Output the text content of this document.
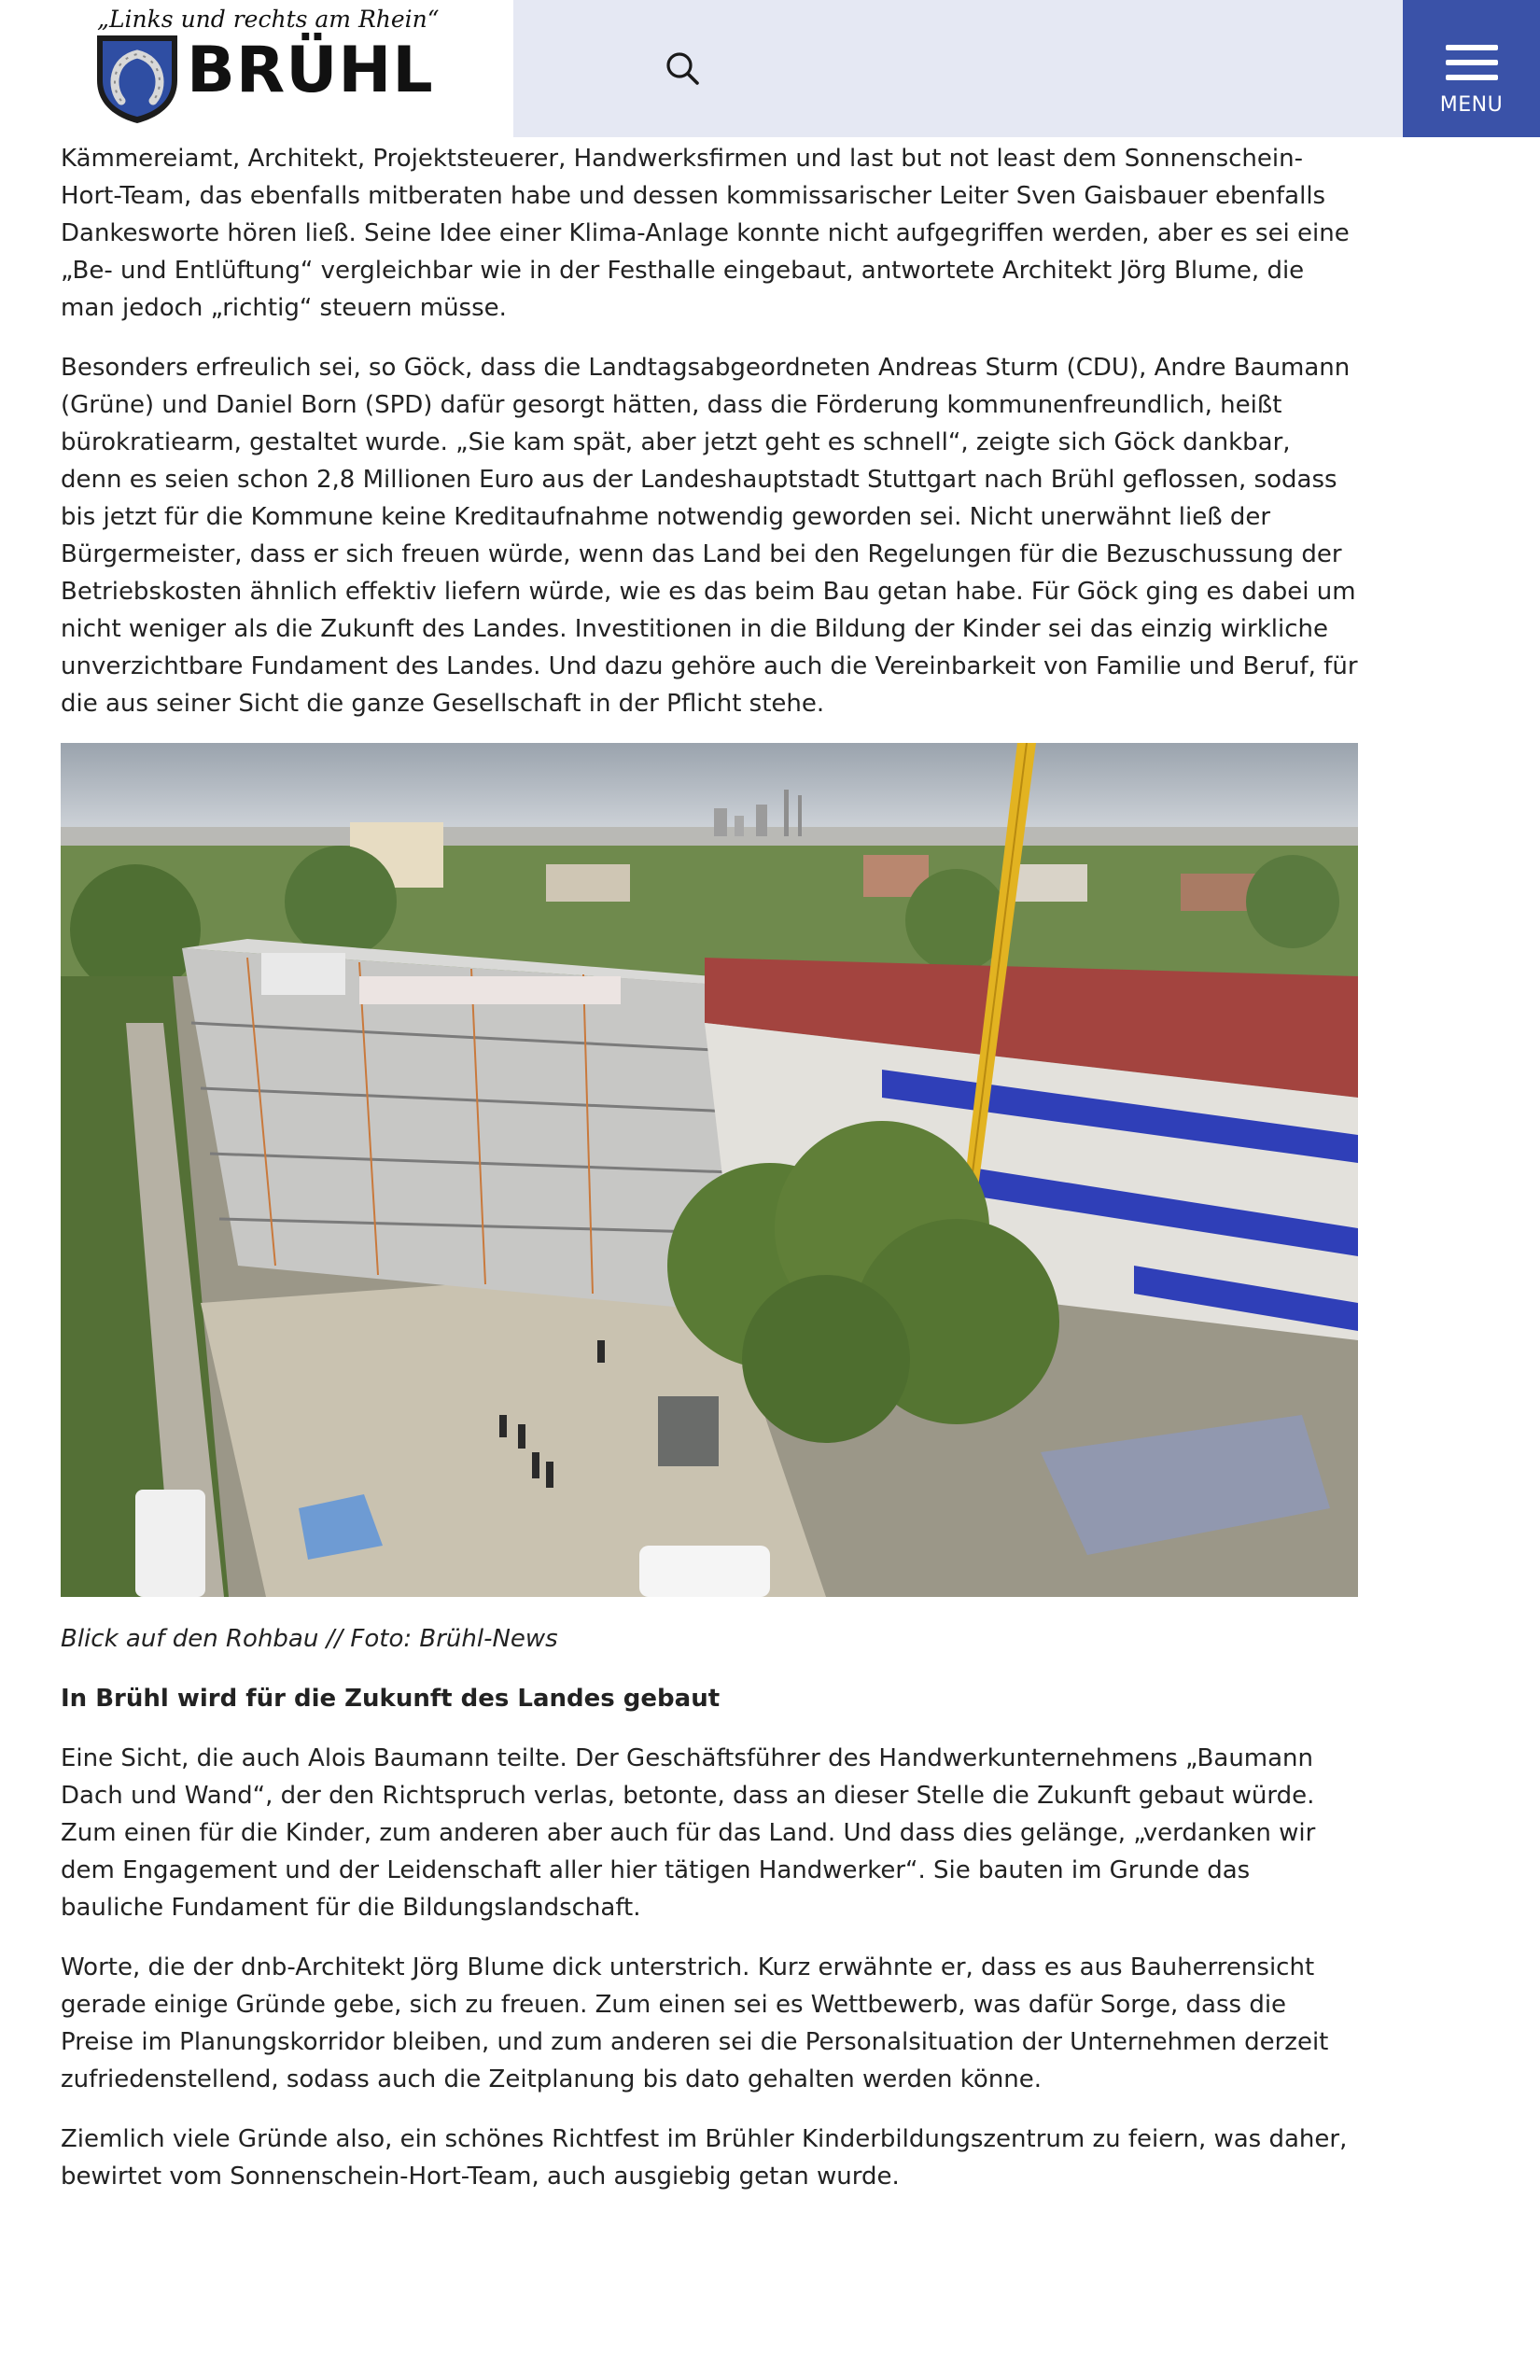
„Links und rechts am Rhein“
BRÜHL	MENU

Kämmereiamt, Architekt, Projektsteuerer, Handwerksfirmen und last but not least dem Sonnenschein-Hort-Team, das ebenfalls mitberaten habe und dessen kommissarischer Leiter Sven Gaisbauer ebenfalls Dankesworte hören ließ. Seine Idee einer Klima-Anlage konnte nicht aufgegriffen werden, aber es sei eine „Be- und Entlüftung“ vergleichbar wie in der Festhalle eingebaut, antwortete Architekt Jörg Blume, die man jedoch „richtig“ steuern müsse.

Besonders erfreulich sei, so Göck, dass die Landtagsabgeordneten Andreas Sturm (CDU), Andre Baumann (Grüne) und Daniel Born (SPD) dafür gesorgt hätten, dass die Förderung kommunenfreundlich, heißt bürokratiearm, gestaltet wurde. „Sie kam spät, aber jetzt geht es schnell“, zeigte sich Göck dankbar, denn es seien schon 2,8 Millionen Euro aus der Landeshauptstadt Stuttgart nach Brühl geflossen, sodass bis jetzt für die Kommune keine Kreditaufnahme notwendig geworden sei. Nicht unerwähnt ließ der Bürgermeister, dass er sich freuen würde, wenn das Land bei den Regelungen für die Bezuschussung der Betriebskosten ähnlich effektiv liefern würde, wie es das beim Bau getan habe. Für Göck ging es dabei um nicht weniger als die Zukunft des Landes. Investitionen in die Bildung der Kinder sei das einzig wirkliche unverzichtbare Fundament des Landes. Und dazu gehöre auch die Vereinbarkeit von Familie und Beruf, für die aus seiner Sicht die ganze Gesellschaft in der Pflicht stehe.

Blick auf den Rohbau // Foto: Brühl-News

In Brühl wird für die Zukunft des Landes gebaut

Eine Sicht, die auch Alois Baumann teilte. Der Geschäftsführer des Handwerkunternehmens „Baumann Dach und Wand“, der den Richtspruch verlas, betonte, dass an dieser Stelle die Zukunft gebaut würde. Zum einen für die Kinder, zum anderen aber auch für das Land. Und dass dies gelänge, „verdanken wir dem Engagement und der Leidenschaft aller hier tätigen Handwerker“. Sie bauten im Grunde das bauliche Fundament für die Bildungslandschaft.

Worte, die der dnb-Architekt Jörg Blume dick unterstrich. Kurz erwähnte er, dass es aus Bauherrensicht gerade einige Gründe gebe, sich zu freuen. Zum einen sei es Wettbewerb, was dafür Sorge, dass die Preise im Planungskorridor bleiben, und zum anderen sei die Personalsituation der Unternehmen derzeit zufriedenstellend, sodass auch die Zeitplanung bis dato gehalten werden könne.

Ziemlich viele Gründe also, ein schönes Richtfest im Brühler Kinderbildungszentrum zu feiern, was daher, bewirtet vom Sonnenschein-Hort-Team, auch ausgiebig getan wurde.
